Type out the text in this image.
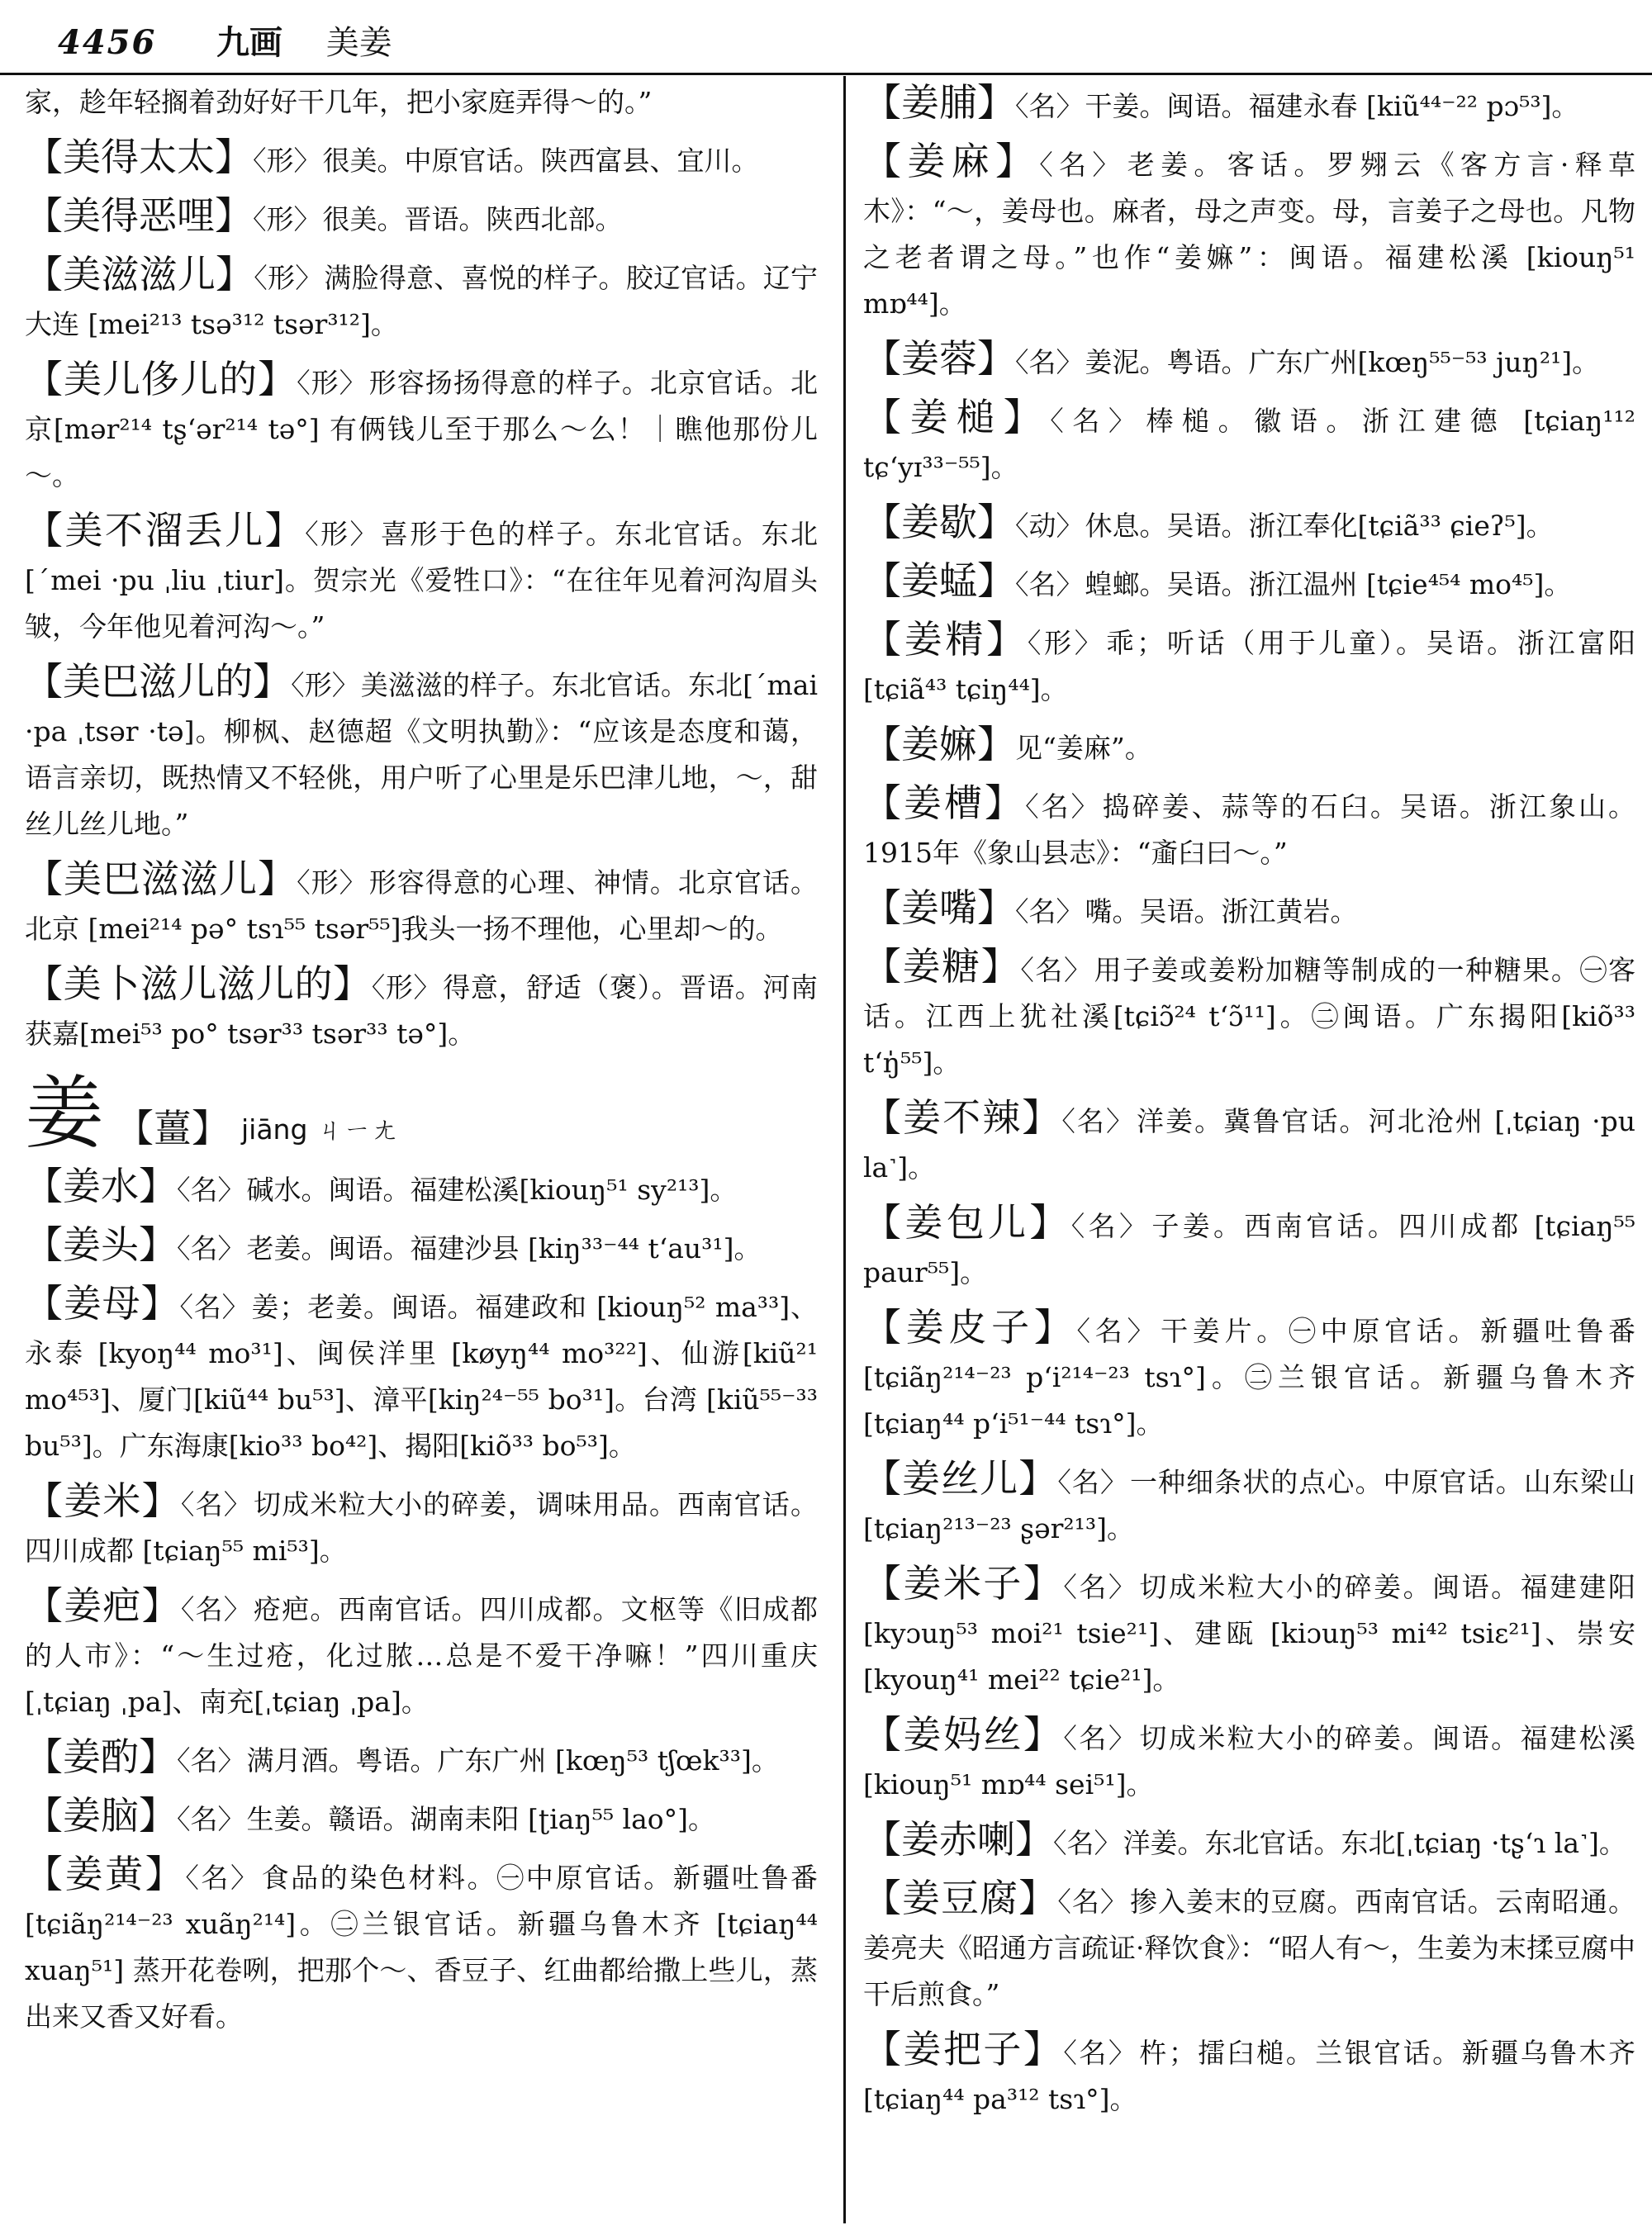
4456 九画 美姜
家，趁年轻搁着劲好好干几年，把小家庭弄得～的。”
【美得太太】〈形〉很美。中原官话。陕西富县、宜川。
【美得恶哩】〈形〉很美。晋语。陕西北部。
【美滋滋儿】〈形〉满脸得意、喜悦的样子。胶辽官话。辽宁大连 [mei²¹³ tsə³¹² tsər³¹²]。
【美儿侈儿的】〈形〉形容扬扬得意的样子。北京官话。北京[mər²¹⁴ tʂʻər²¹⁴ tə°] 有俩钱儿至于那么～么！｜瞧他那份儿～。
【美不溜丢儿】〈形〉喜形于色的样子。东北官话。东北[ˊmei ·pu ˌliu ˌtiur]。贺宗光《爱牲口》：“在往年见着河沟眉头皱，今年他见着河沟～。”
【美巴滋儿的】〈形〉美滋滋的样子。东北官话。东北[ˊmai ·pa ˌtsər ·tə]。柳枫、赵德超《文明执勤》：“应该是态度和蔼，语言亲切，既热情又不轻佻，用户听了心里是乐巴津儿地，～，甜丝儿丝儿地。”
【美巴滋滋儿】〈形〉形容得意的心理、神情。北京官话。北京 [mei²¹⁴ pə° tsɿ⁵⁵ tsər⁵⁵]我头一扬不理他，心里却～的。
【美卜滋儿滋儿的】〈形〉得意，舒适（褒）。晋语。河南获嘉[mei⁵³ po° tsər³³ tsər³³ tə°]。
姜 【薑】 jiāng ㄐㄧㄤ
【姜水】〈名〉碱水。闽语。福建松溪[kiouŋ⁵¹ sy²¹³]。
【姜头】〈名〉老姜。闽语。福建沙县 [kiŋ³³⁻⁴⁴ tʻau³¹]。
【姜母】〈名〉姜；老姜。闽语。福建政和 [kiouŋ⁵² ma³³]、永泰 [kyoŋ⁴⁴ mo³¹]、闽侯洋里 [køyŋ⁴⁴ mo³²²]、仙游[kiũ²¹ mo⁴⁵³]、厦门[kiũ⁴⁴ bu⁵³]、漳平[kiŋ²⁴⁻⁵⁵ bo³¹]。台湾 [kiũ⁵⁵⁻³³ bu⁵³]。广东海康[kio³³ bo⁴²]、揭阳[kiõ³³ bo⁵³]。
【姜米】〈名〉切成米粒大小的碎姜，调味用品。西南官话。四川成都 [tɕiaŋ⁵⁵ mi⁵³]。
【姜疤】〈名〉疮疤。西南官话。四川成都。文枢等《旧成都的人市》：“～生过疮，化过脓…总是不爱干净嘛！”四川重庆[ˌtɕiaŋ ˌpa]、南充[ˌtɕiaŋ ˌpa]。
【姜酌】〈名〉满月酒。粤语。广东广州 [kœŋ⁵³ tʃœk³³]。
【姜脑】〈名〉生姜。赣语。湖南耒阳 [ʈiaŋ⁵⁵ lao°]。
【姜黄】〈名〉食品的染色材料。㊀中原官话。新疆吐鲁番 [tɕiãŋ²¹⁴⁻²³ xuãŋ²¹⁴]。㊁兰银官话。新疆乌鲁木齐 [tɕiaŋ⁴⁴ xuaŋ⁵¹] 蒸开花卷咧，把那个～、香豆子、红曲都给撒上些儿，蒸出来又香又好看。
【姜脯】〈名〉干姜。闽语。福建永春 [kiũ⁴⁴⁻²² pɔ⁵³]。
【姜麻】〈名〉老姜。客话。罗翙云《客方言·释草木》：“～，姜母也。麻者，母之声变。母，言姜子之母也。凡物之老者谓之母。”也作“姜嫲”：闽语。福建松溪 [kiouŋ⁵¹ mɒ⁴⁴]。
【姜蓉】〈名〉姜泥。粤语。广东广州[kœŋ⁵⁵⁻⁵³ juŋ²¹]。
【姜槌】〈名〉棒槌。徽语。浙江建德 [tɕiaŋ¹¹² tɕʻyɪ³³⁻⁵⁵]。
【姜歇】〈动〉休息。吴语。浙江奉化[tɕiã³³ ɕieʔ⁵]。
【姜蜢】〈名〉蝗螂。吴语。浙江温州 [tɕie⁴⁵⁴ mo⁴⁵]。
【姜精】〈形〉乖；听话（用于儿童）。吴语。浙江富阳 [tɕiã⁴³ tɕiŋ⁴⁴]。
【姜嫲】见“姜麻”。
【姜槽】〈名〉捣碎姜、蒜等的石臼。吴语。浙江象山。1915年《象山县志》：“齑臼曰～。”
【姜嘴】〈名〉嘴。吴语。浙江黄岩。
【姜糖】〈名〉用子姜或姜粉加糖等制成的一种糖果。㊀客话。江西上犹社溪[tɕiɔ̃²⁴ tʻɔ̃¹¹]。㊁闽语。广东揭阳[kiõ³³ tʻŋ̍⁵⁵]。
【姜不辣】〈名〉洋姜。冀鲁官话。河北沧州 [ˌtɕiaŋ ·pu la˺]。
【姜包儿】〈名〉子姜。西南官话。四川成都 [tɕiaŋ⁵⁵ paur⁵⁵]。
【姜皮子】〈名〉干姜片。㊀中原官话。新疆吐鲁番 [tɕiãŋ²¹⁴⁻²³ pʻi²¹⁴⁻²³ tsɿ°]。㊁兰银官话。新疆乌鲁木齐 [tɕiaŋ⁴⁴ pʻi⁵¹⁻⁴⁴ tsɿ°]。
【姜丝儿】〈名〉一种细条状的点心。中原官话。山东梁山 [tɕiaŋ²¹³⁻²³ ʂər²¹³]。
【姜米子】〈名〉切成米粒大小的碎姜。闽语。福建建阳[kyɔuŋ⁵³ moi²¹ tsie²¹]、建瓯 [kiɔuŋ⁵³ mi⁴² tsiɛ²¹]、崇安[kyouŋ⁴¹ mei²² tɕie²¹]。
【姜妈丝】〈名〉切成米粒大小的碎姜。闽语。福建松溪 [kiouŋ⁵¹ mɒ⁴⁴ sei⁵¹]。
【姜赤喇】〈名〉洋姜。东北官话。东北[ˌtɕiaŋ ·tʂʻɿ la˺]。
【姜豆腐】〈名〉掺入姜末的豆腐。西南官话。云南昭通。姜亮夫《昭通方言疏证·释饮食》：“昭人有～，生姜为末揉豆腐中干后煎食。”
【姜把子】〈名〉杵；擂臼槌。兰银官话。新疆乌鲁木齐 [tɕiaŋ⁴⁴ pa³¹² tsɿ°]。
